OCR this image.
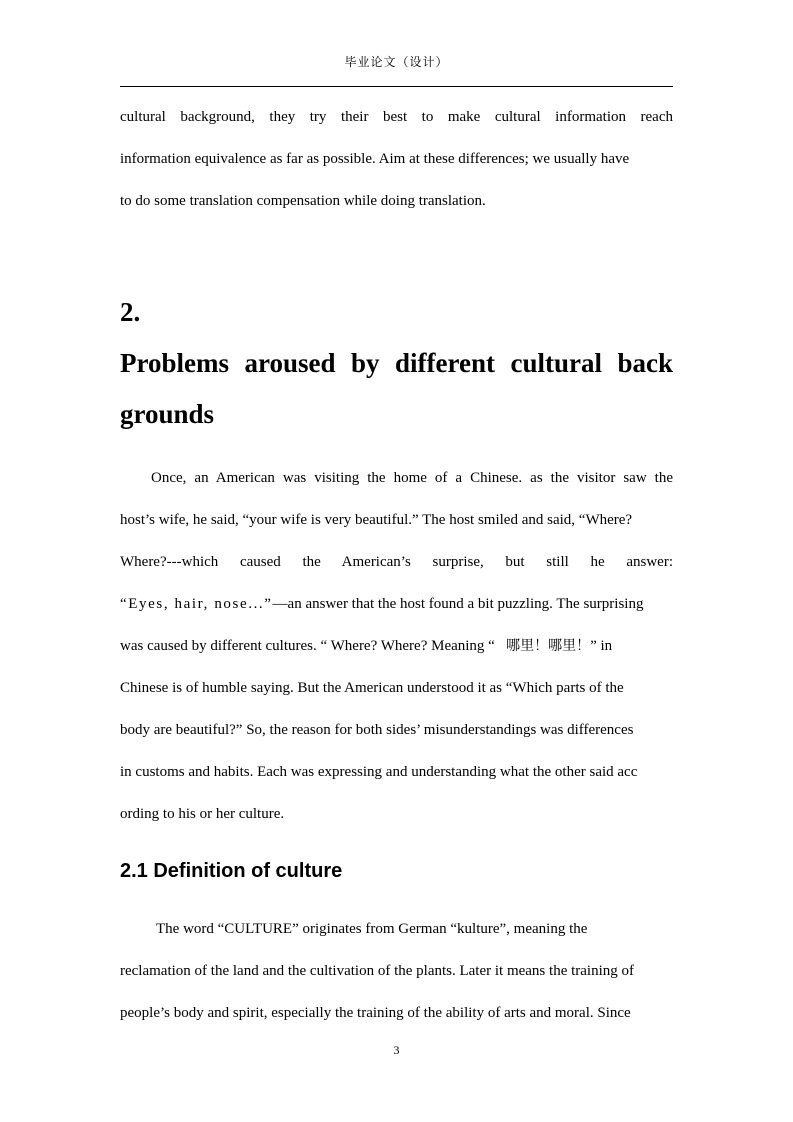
毕业论文（设计）
cultural background, they try their best to make cultural information reach
information equivalence as far as possible. Aim at these differences; we usually have
to do some translation compensation while doing translation.
2.
Problems aroused by different cultural back
grounds
Once, an American was visiting the home of a Chinese. as the visitor saw the
host’s wife, he said, “your wife is very beautiful.” The host smiled and said, “Where?
Where?---which caused the American’s surprise, but still he answer:
“Eyes, hair, nose...”—an answer that the host found a bit puzzling. The surprising
was caused by different cultures. “ Where? Where? Meaning “ 哪里！哪里！” in
Chinese is of humble saying. But the American understood it as “Which parts of the
body are beautiful?” So, the reason for both sides’ misunderstandings was differences
in customs and habits. Each was expressing and understanding what the other said acc
ording to his or her culture.
2.1 Definition of culture
The word “CULTURE” originates from German “kulture”, meaning the
reclamation of the land and the cultivation of the plants. Later it means the training of
people’s body and spirit, especially the training of the ability of arts and moral. Since
3
